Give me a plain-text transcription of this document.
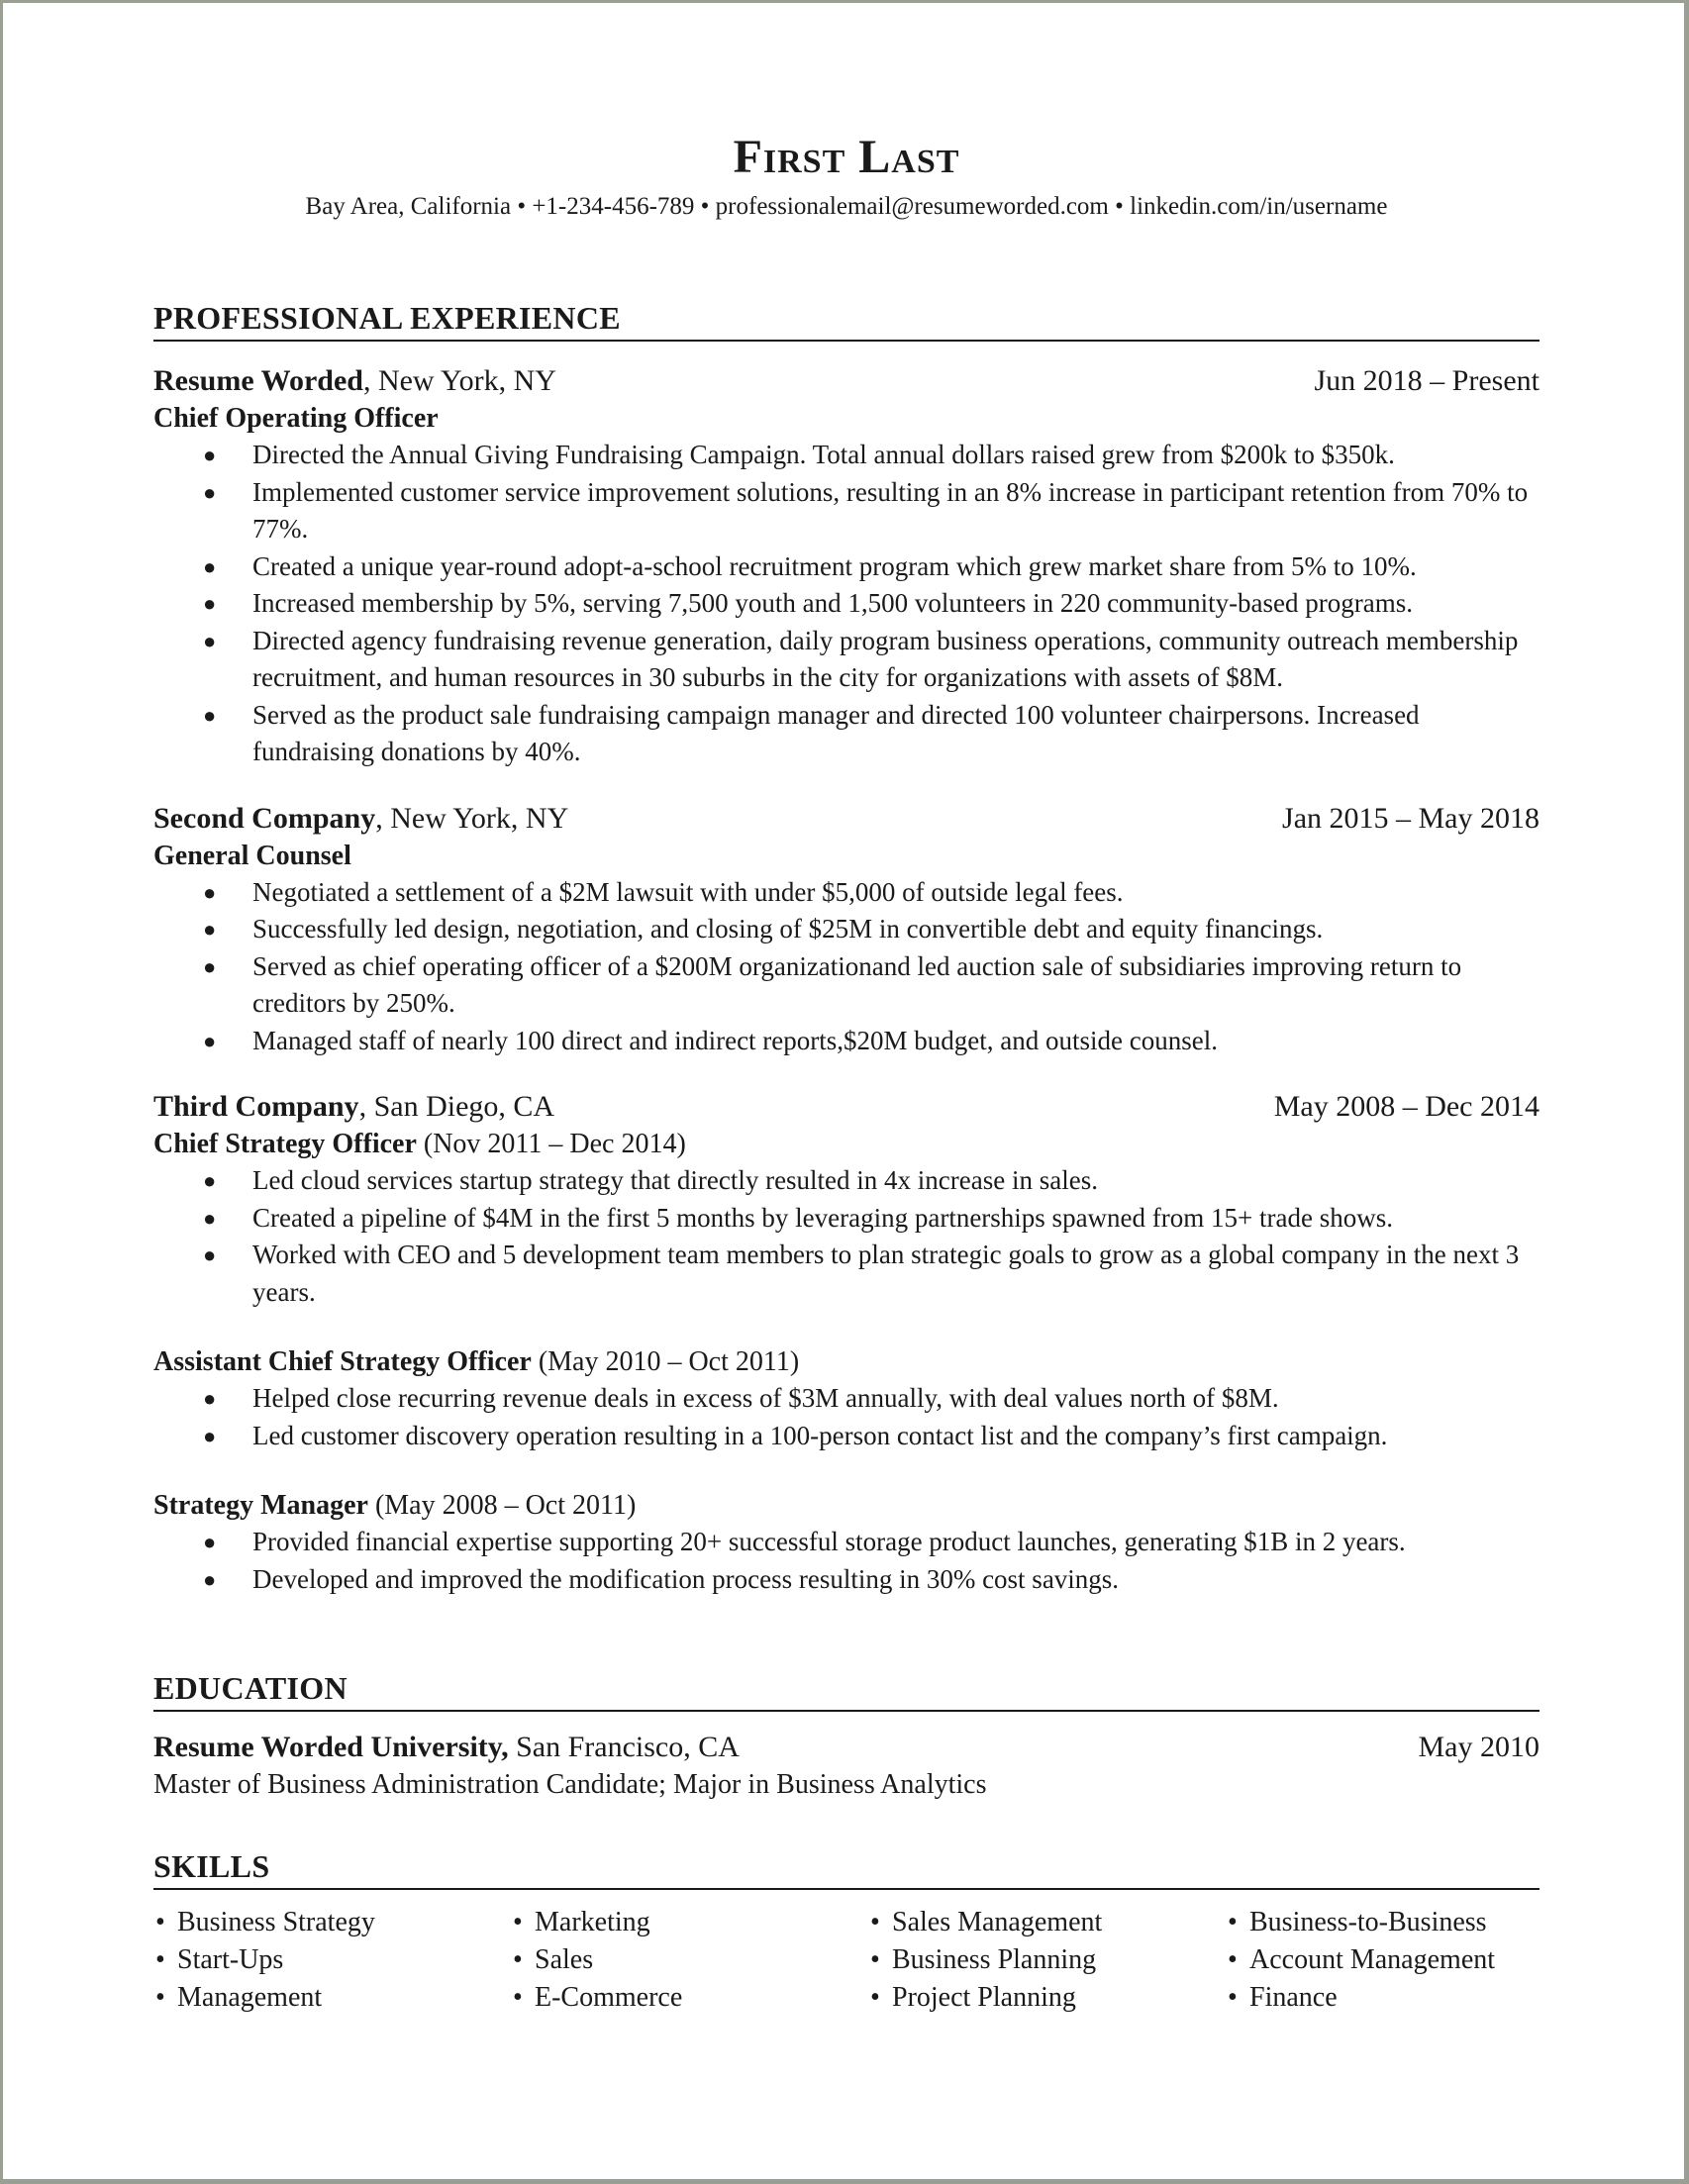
First Last
Bay Area, California • +1-234-456-789 • professionalemail@resumeworded.com • linkedin.com/in/username
PROFESSIONAL EXPERIENCE
Resume Worded, New York, NY	Jun 2018 – Present
Chief Operating Officer
● Directed the Annual Giving Fundraising Campaign. Total annual dollars raised grew from $200k to $350k.
● Implemented customer service improvement solutions, resulting in an 8% increase in participant retention from 70% to 77%.
● Created a unique year-round adopt-a-school recruitment program which grew market share from 5% to 10%.
● Increased membership by 5%, serving 7,500 youth and 1,500 volunteers in 220 community-based programs.
● Directed agency fundraising revenue generation, daily program business operations, community outreach membership recruitment, and human resources in 30 suburbs in the city for organizations with assets of $8M.
● Served as the product sale fundraising campaign manager and directed 100 volunteer chairpersons. Increased fundraising donations by 40%.
Second Company, New York, NY	Jan 2015 – May 2018
General Counsel
● Negotiated a settlement of a $2M lawsuit with under $5,000 of outside legal fees.
● Successfully led design, negotiation, and closing of $25M in convertible debt and equity financings.
● Served as chief operating officer of a $200M organizationand led auction sale of subsidiaries improving return to creditors by 250%.
● Managed staff of nearly 100 direct and indirect reports,$20M budget, and outside counsel.
Third Company, San Diego, CA	May 2008 – Dec 2014
Chief Strategy Officer (Nov 2011 – Dec 2014)
● Led cloud services startup strategy that directly resulted in 4x increase in sales.
● Created a pipeline of $4M in the first 5 months by leveraging partnerships spawned from 15+ trade shows.
● Worked with CEO and 5 development team members to plan strategic goals to grow as a global company in the next 3 years.
Assistant Chief Strategy Officer (May 2010 – Oct 2011)
● Helped close recurring revenue deals in excess of $3M annually, with deal values north of $8M.
● Led customer discovery operation resulting in a 100-person contact list and the company’s first campaign.
Strategy Manager (May 2008 – Oct 2011)
● Provided financial expertise supporting 20+ successful storage product launches, generating $1B in 2 years.
● Developed and improved the modification process resulting in 30% cost savings.
EDUCATION
Resume Worded University, San Francisco, CA	May 2010
Master of Business Administration Candidate; Major in Business Analytics
SKILLS
• Business Strategy	• Marketing	• Sales Management	• Business-to-Business
• Start-Ups	• Sales	• Business Planning	• Account Management
• Management	• E-Commerce	• Project Planning	• Finance
